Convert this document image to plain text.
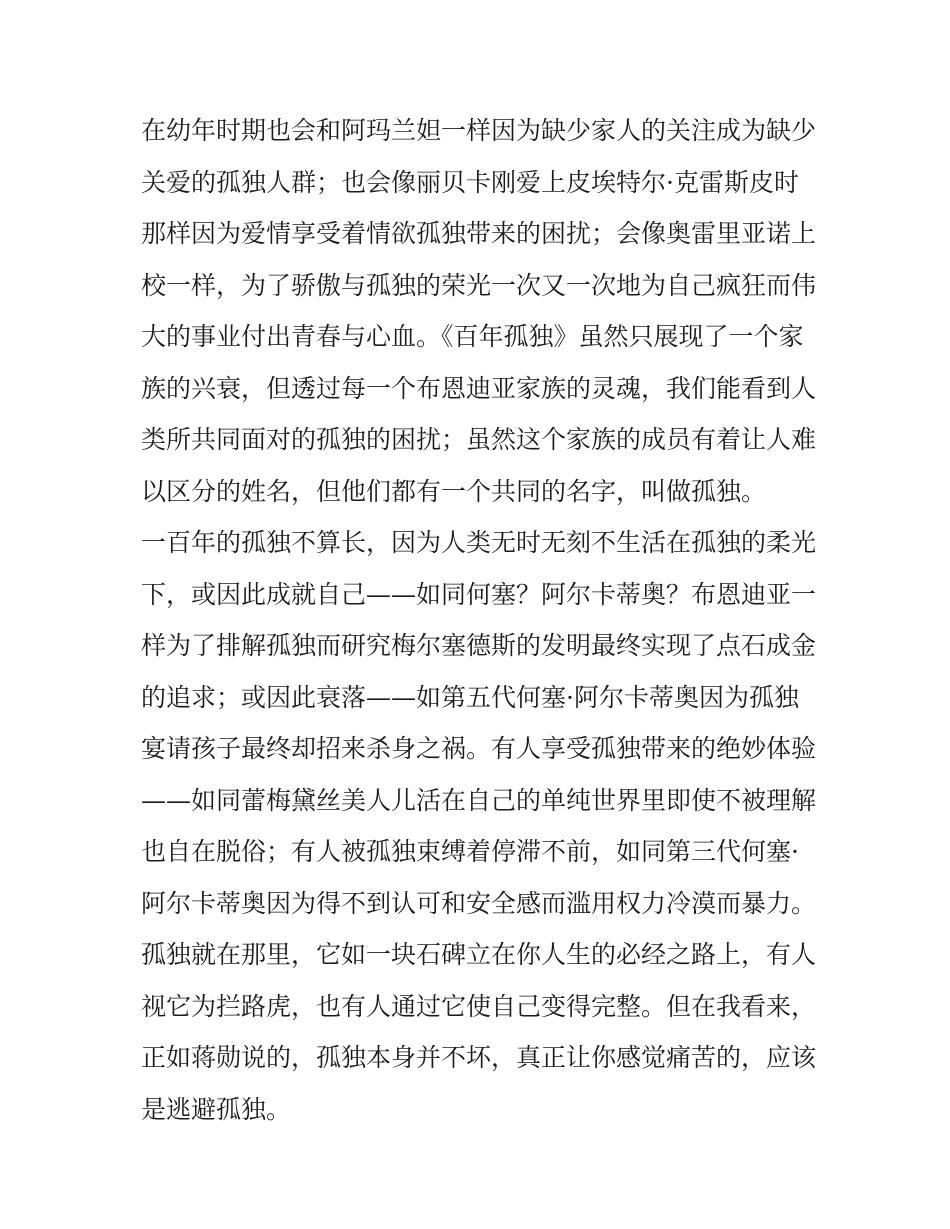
在幼年时期也会和阿玛兰妲一样因为缺少家人的关注成为缺少
关爱的孤独人群；也会像丽贝卡刚爱上皮埃特尔·克雷斯皮时
那样因为爱情享受着情欲孤独带来的困扰；会像奥雷里亚诺上
校一样，为了骄傲与孤独的荣光一次又一次地为自己疯狂而伟
大的事业付出青春与心血。《百年孤独》虽然只展现了一个家
族的兴衰，但透过每一个布恩迪亚家族的灵魂，我们能看到人
类所共同面对的孤独的困扰；虽然这个家族的成员有着让人难
以区分的姓名，但他们都有一个共同的名字，叫做孤独。
一百年的孤独不算长，因为人类无时无刻不生活在孤独的柔光
下，或因此成就自己——如同何塞？阿尔卡蒂奥？布恩迪亚一
样为了排解孤独而研究梅尔塞德斯的发明最终实现了点石成金
的追求；或因此衰落——如第五代何塞·阿尔卡蒂奥因为孤独
宴请孩子最终却招来杀身之祸。有人享受孤独带来的绝妙体验
——如同蕾梅黛丝美人儿活在自己的单纯世界里即使不被理解
也自在脱俗；有人被孤独束缚着停滞不前，如同第三代何塞·
阿尔卡蒂奥因为得不到认可和安全感而滥用权力冷漠而暴力。
孤独就在那里，它如一块石碑立在你人生的必经之路上，有人
视它为拦路虎，也有人通过它使自己变得完整。但在我看来，
正如蒋勋说的，孤独本身并不坏，真正让你感觉痛苦的，应该
是逃避孤独。
